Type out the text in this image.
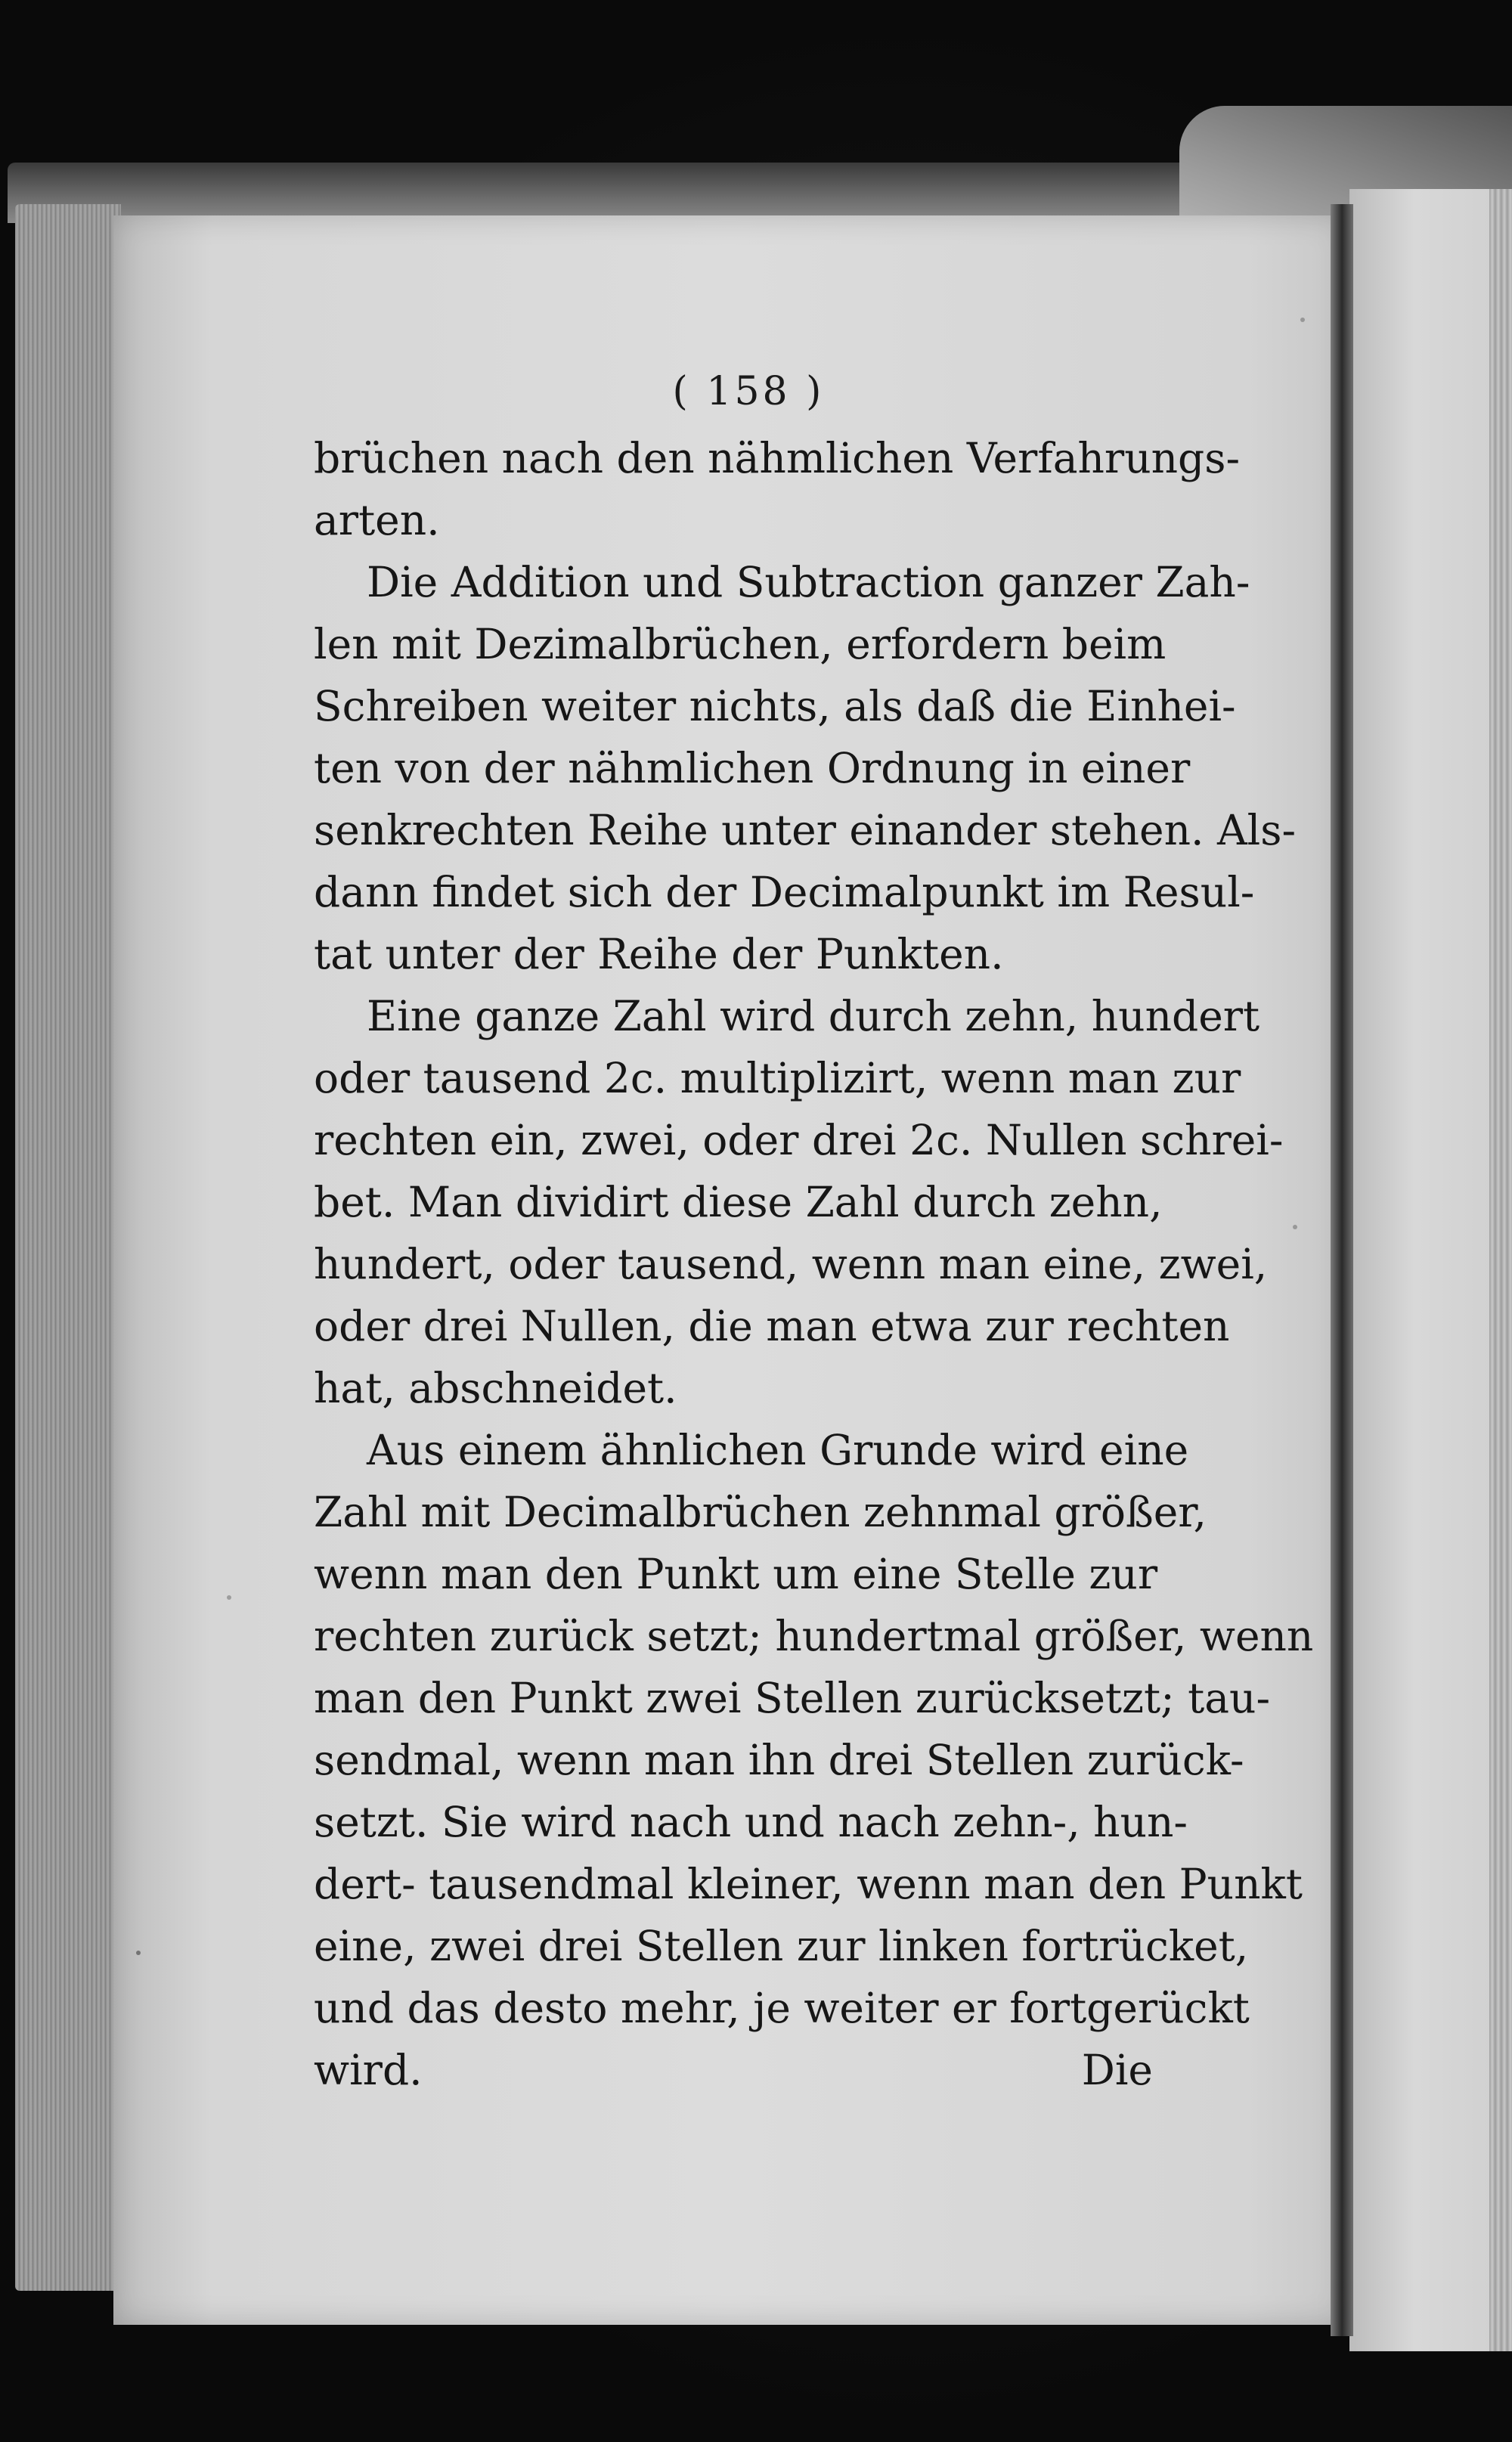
( 158 )

brüchen nach den nähmlichen Verfahrungs-
arten.

Die Addition und Subtraction ganzer Zah-
len mit Dezimalbrüchen, erfordern beim
Schreiben weiter nichts, als daß die Einhei-
ten von der nähmlichen Ordnung in einer
senkrechten Reihe unter einander stehen. Als-
dann findet sich der Decimalpunkt im Resul-
tat unter der Reihe der Punkten.

Eine ganze Zahl wird durch zehn, hundert
oder tausend 2c. multiplizirt, wenn man zur
rechten ein, zwei, oder drei 2c. Nullen schrei-
bet. Man dividirt diese Zahl durch zehn,
hundert, oder tausend, wenn man eine, zwei,
oder drei Nullen, die man etwa zur rechten
hat, abschneidet.

Aus einem ähnlichen Grunde wird eine
Zahl mit Decimalbrüchen zehnmal größer,
wenn man den Punkt um eine Stelle zur
rechten zurück setzt; hundertmal größer, wenn
man den Punkt zwei Stellen zurücksetzt; tau-
sendmal, wenn man ihn drei Stellen zurück-
setzt. Sie wird nach und nach zehn-, hun-
dert- tausendmal kleiner, wenn man den Punkt
eine, zwei drei Stellen zur linken fortrücket,
und das desto mehr, je weiter er fortgerückt

wird.	Die
